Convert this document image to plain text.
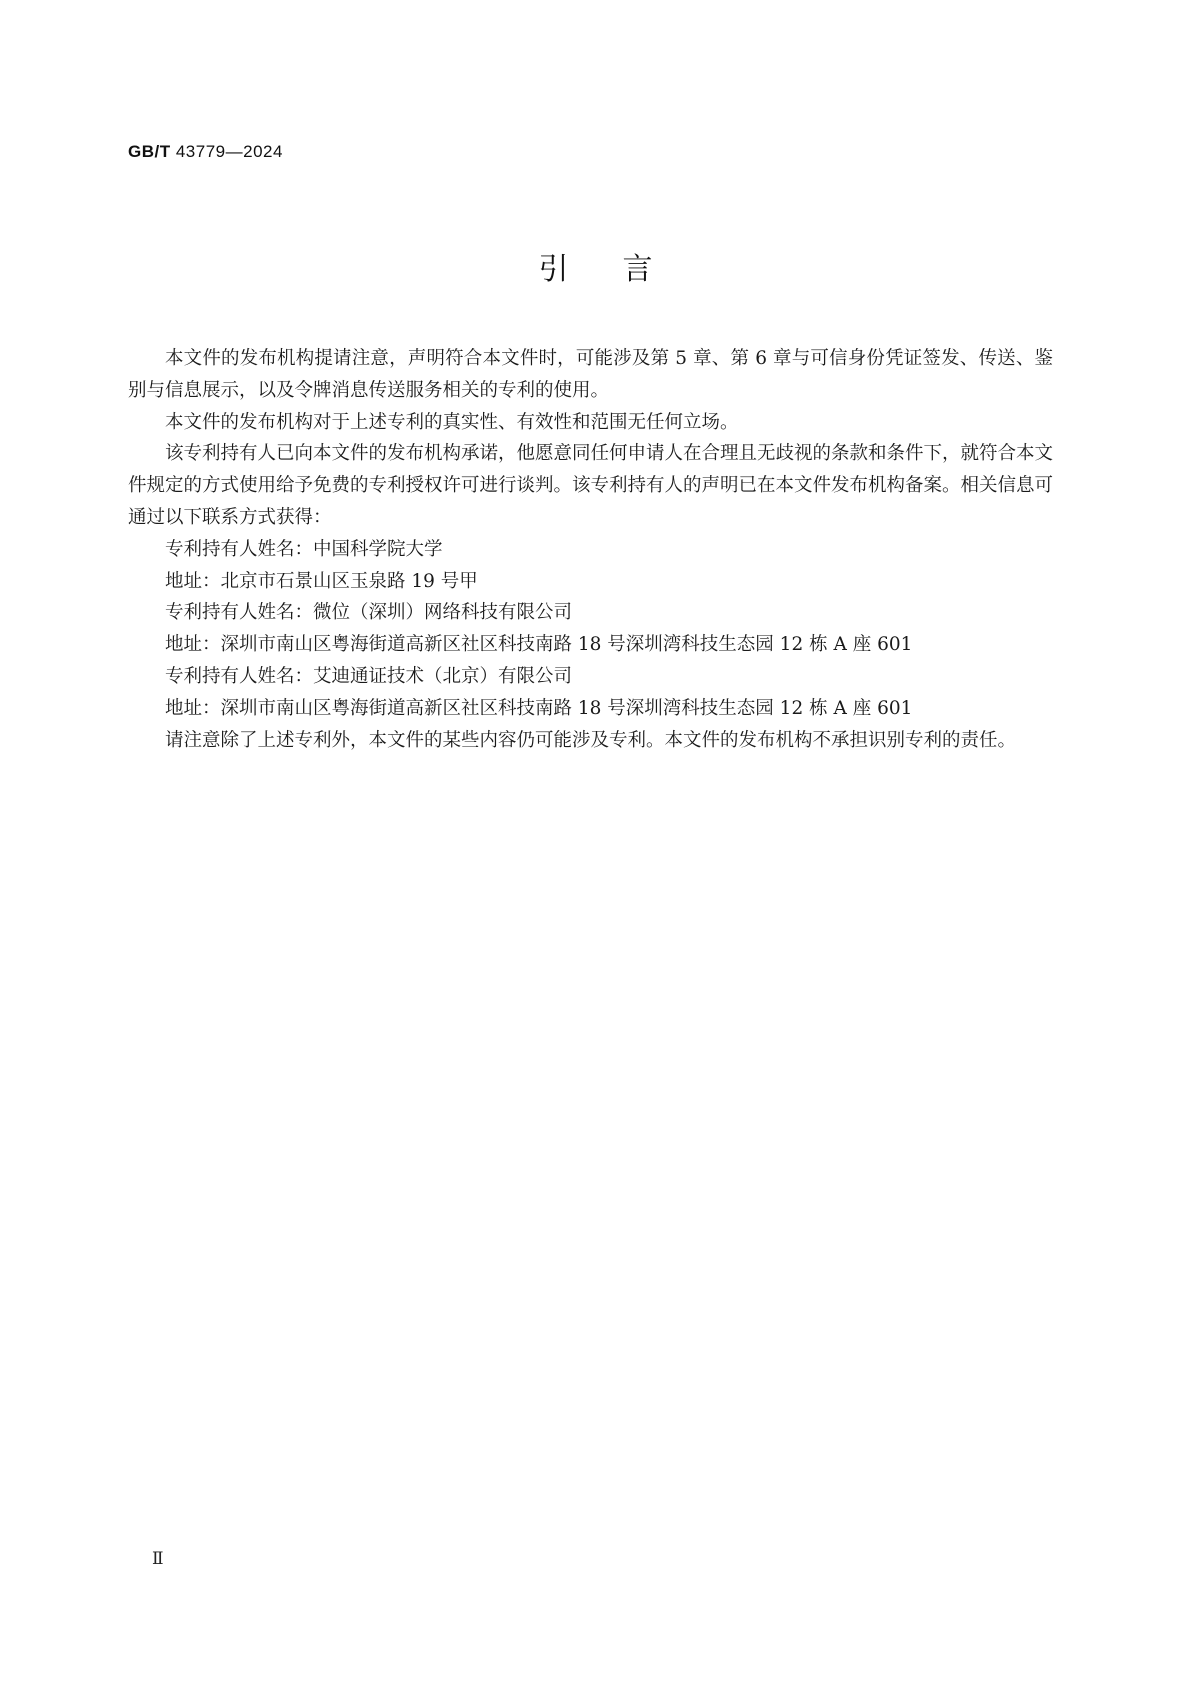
GB/T 43779—2024
引言

本文件的发布机构提请注意，声明符合本文件时，可能涉及第 5 章、第 6 章与可信身份凭证签发、传送、鉴别与信息展示，以及令牌消息传送服务相关的专利的使用。

本文件的发布机构对于上述专利的真实性、有效性和范围无任何立场。

该专利持有人已向本文件的发布机构承诺，他愿意同任何申请人在合理且无歧视的条款和条件下，就符合本文件规定的方式使用给予免费的专利授权许可进行谈判。该专利持有人的声明已在本文件发布机构备案。相关信息可通过以下联系方式获得：

专利持有人姓名：中国科学院大学

地址：北京市石景山区玉泉路 19 号甲

专利持有人姓名：微位（深圳）网络科技有限公司

地址：深圳市南山区粤海街道高新区社区科技南路 18 号深圳湾科技生态园 12 栋 A 座 601

专利持有人姓名：艾迪通证技术（北京）有限公司

地址：深圳市南山区粤海街道高新区社区科技南路 18 号深圳湾科技生态园 12 栋 A 座 601

请注意除了上述专利外，本文件的某些内容仍可能涉及专利。本文件的发布机构不承担识别专利的责任。

Ⅱ
